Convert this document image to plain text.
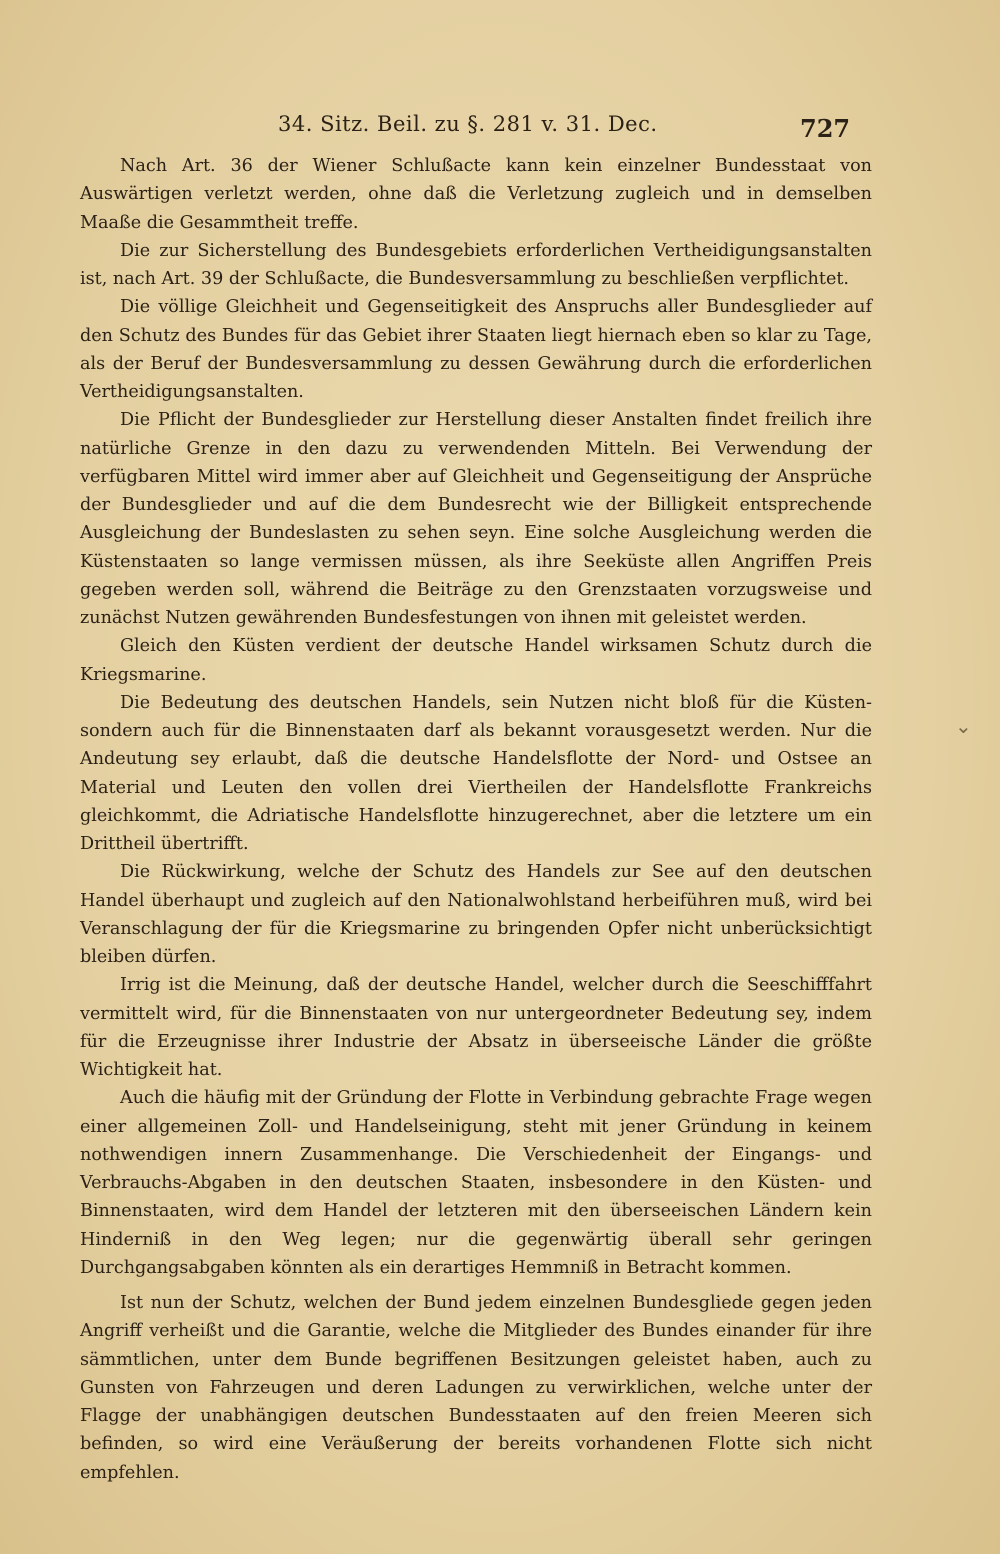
34. Sitz. Beil. zu §. 281 v. 31. Dec.	727

Nach Art. 36 der Wiener Schlußacte kann kein einzelner Bundesstaat von Auswärtigen verletzt werden, ohne daß die Verletzung zugleich und in demselben Maaße die Gesammtheit treffe.

Die zur Sicherstellung des Bundesgebiets erforderlichen Vertheidigungsanstalten ist, nach Art. 39 der Schlußacte, die Bundesversammlung zu beschließen verpflichtet.

Die völlige Gleichheit und Gegenseitigkeit des Anspruchs aller Bundesglieder auf den Schutz des Bundes für das Gebiet ihrer Staaten liegt hiernach eben so klar zu Tage, als der Beruf der Bundesversammlung zu dessen Gewährung durch die erforderlichen Vertheidigungsanstalten.

Die Pflicht der Bundesglieder zur Herstellung dieser Anstalten findet freilich ihre natürliche Grenze in den dazu zu verwendenden Mitteln. Bei Verwendung der verfügbaren Mittel wird immer aber auf Gleichheit und Gegenseitigung der Ansprüche der Bundesglieder und auf die dem Bundesrecht wie der Billigkeit entsprechende Ausgleichung der Bundeslasten zu sehen seyn. Eine solche Ausgleichung werden die Küstenstaaten so lange vermissen müssen, als ihre Seeküste allen Angriffen Preis gegeben werden soll, während die Beiträge zu den Grenzstaaten vorzugsweise und zunächst Nutzen gewährenden Bundesfestungen von ihnen mit geleistet werden.

Gleich den Küsten verdient der deutsche Handel wirksamen Schutz durch die Kriegsmarine.

Die Bedeutung des deutschen Handels, sein Nutzen nicht bloß für die Küsten- sondern auch für die Binnenstaaten darf als bekannt vorausgesetzt werden. Nur die Andeutung sey erlaubt, daß die deutsche Handelsflotte der Nord- und Ostsee an Material und Leuten den vollen drei Viertheilen der Handelsflotte Frankreichs gleichkommt, die Adriatische Handelsflotte hinzugerechnet, aber die letztere um ein Drittheil übertrifft.

Die Rückwirkung, welche der Schutz des Handels zur See auf den deutschen Handel überhaupt und zugleich auf den Nationalwohlstand herbeiführen muß, wird bei Veranschlagung der für die Kriegsmarine zu bringenden Opfer nicht unberücksichtigt bleiben dürfen.

Irrig ist die Meinung, daß der deutsche Handel, welcher durch die Seeschifffahrt vermittelt wird, für die Binnenstaaten von nur untergeordneter Bedeutung sey, indem für die Erzeugnisse ihrer Industrie der Absatz in überseeische Länder die größte Wichtigkeit hat.

Auch die häufig mit der Gründung der Flotte in Verbindung gebrachte Frage wegen einer allgemeinen Zoll- und Handelseinigung, steht mit jener Gründung in keinem nothwendigen innern Zusammenhange. Die Verschiedenheit der Eingangs- und Verbrauchs-Abgaben in den deutschen Staaten, insbesondere in den Küsten- und Binnenstaaten, wird dem Handel der letzteren mit den überseeischen Ländern kein Hinderniß in den Weg legen; nur die gegenwärtig überall sehr geringen Durchgangsabgaben könnten als ein derartiges Hemmniß in Betracht kommen.

Ist nun der Schutz, welchen der Bund jedem einzelnen Bundesgliede gegen jeden Angriff verheißt und die Garantie, welche die Mitglieder des Bundes einander für ihre sämmtlichen, unter dem Bunde begriffenen Besitzungen geleistet haben, auch zu Gunsten von Fahrzeugen und deren Ladungen zu verwirklichen, welche unter der Flagge der unabhängigen deutschen Bundesstaaten auf den freien Meeren sich befinden, so wird eine Veräußerung der bereits vorhandenen Flotte sich nicht empfehlen.

⌄
